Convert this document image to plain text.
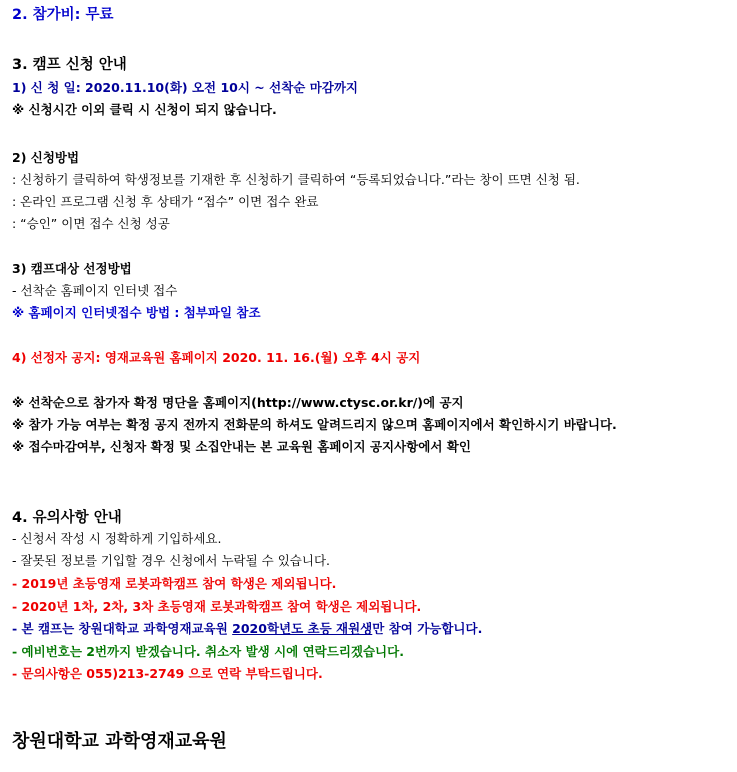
2. 참가비: 무료
3. 캠프 신청 안내
1) 신 청 일: 2020.11.10(화) 오전 10시 ~ 선착순 마감까지
※ 신청시간 이외 클릭 시 신청이 되지 않습니다.
2) 신청방법
: 신청하기 클릭하여 학생정보를 기재한 후 신청하기 클릭하여 “등록되었습니다.”라는 창이 뜨면 신청 됨.
: 온라인 프로그램 신청 후 상태가 “접수” 이면 접수 완료
: “승인” 이면 접수 신청 성공
3) 캠프대상 선정방법
- 선착순 홈페이지 인터넷 접수
※ 홈페이지 인터넷접수 방법 : 첨부파일 참조
4) 선정자 공지: 영재교육원 홈페이지 2020. 11. 16.(월) 오후 4시 공지
※ 선착순으로 참가자 확정 명단을 홈페이지(http://www.ctysc.or.kr/)에 공지
※ 참가 가능 여부는 확정 공지 전까지 전화문의 하셔도 알려드리지 않으며 홈페이지에서 확인하시기 바랍니다.
※ 접수마감여부, 신청자 확정 및 소집안내는 본 교육원 홈페이지 공지사항에서 확인
4. 유의사항 안내
- 신청서 작성 시 정확하게 기입하세요.
- 잘못된 정보를 기입할 경우 신청에서 누락될 수 있습니다.
- 2019년 초등영재 로봇과학캠프 참여 학생은 제외됩니다.
- 2020년 1차, 2차, 3차 초등영재 로봇과학캠프 참여 학생은 제외됩니다.
- 본 캠프는 창원대학교 과학영재교육원 2020학년도 초등 재원생만 참여 가능합니다.
- 예비번호는 2번까지 받겠습니다. 취소자 발생 시에 연락드리겠습니다.
- 문의사항은 055)213-2749 으로 연락 부탁드립니다.
창원대학교 과학영재교육원
